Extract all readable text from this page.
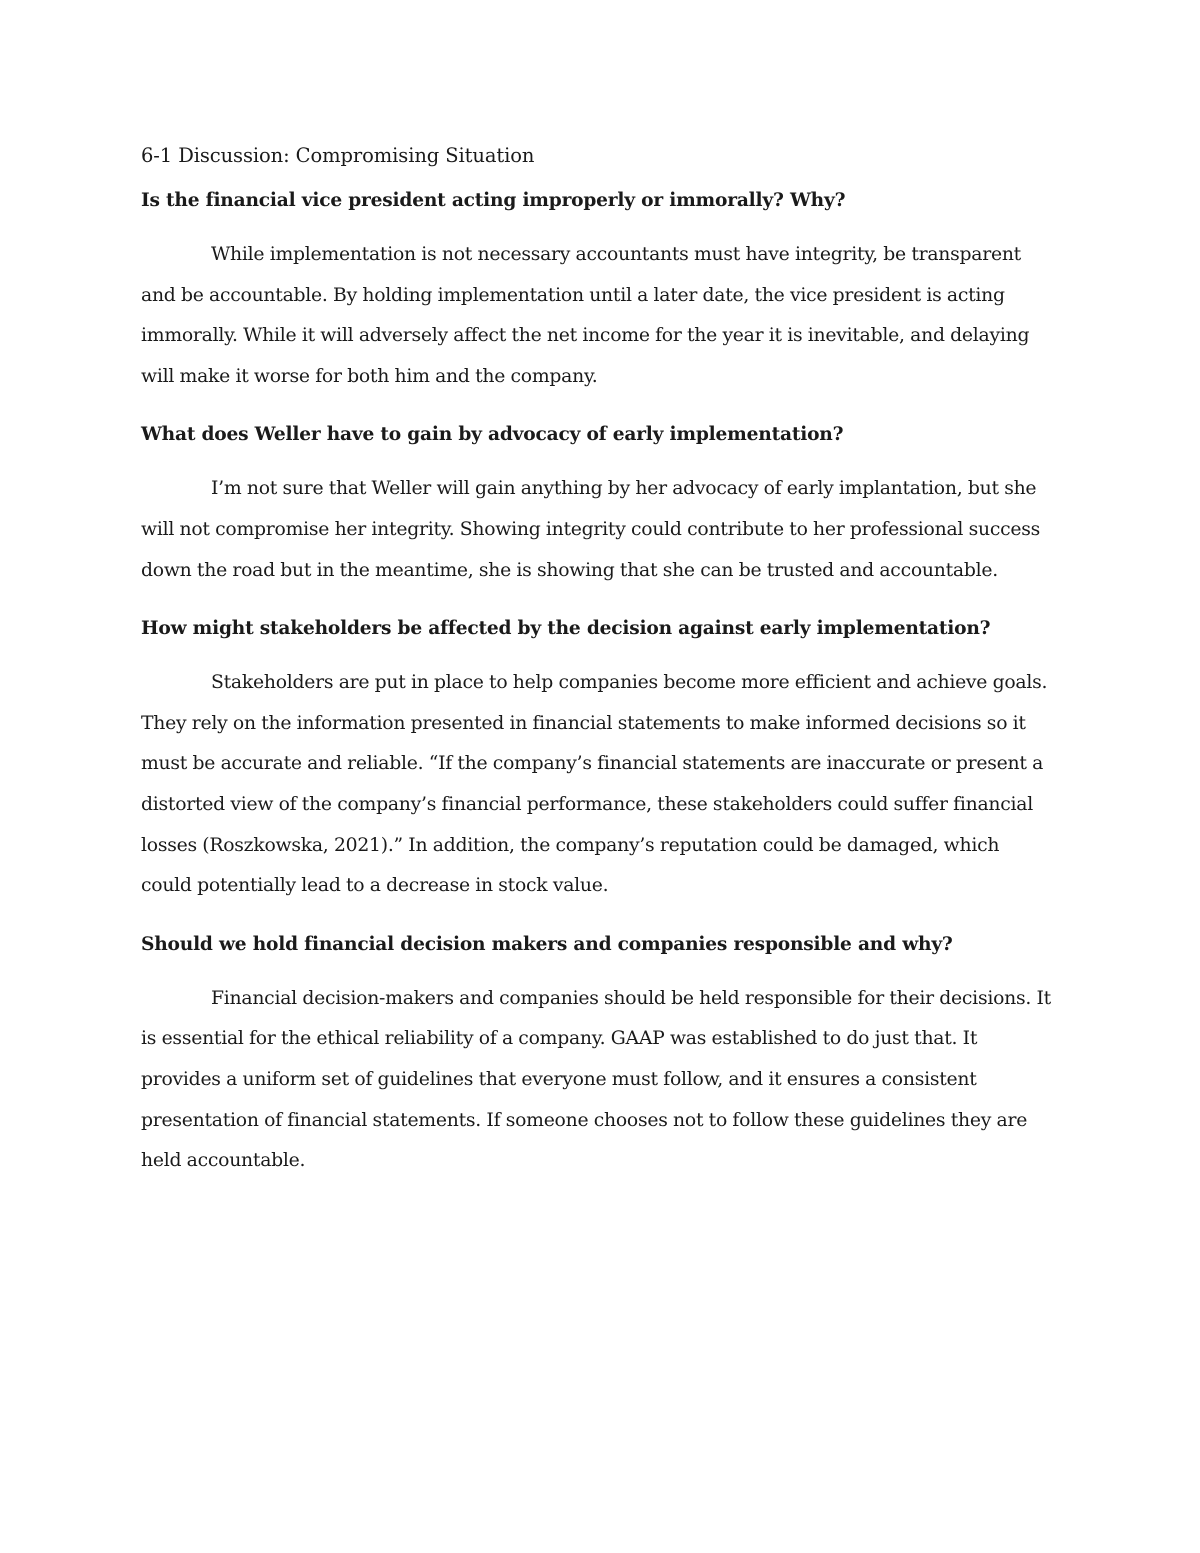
6-1 Discussion: Compromising Situation
Is the financial vice president acting improperly or immorally? Why?

While implementation is not necessary accountants must have integrity, be transparent and be accountable. By holding implementation until a later date, the vice president is acting immorally. While it will adversely affect the net income for the year it is inevitable, and delaying will make it worse for both him and the company.

What does Weller have to gain by advocacy of early implementation?

I’m not sure that Weller will gain anything by her advocacy of early implantation, but she will not compromise her integrity. Showing integrity could contribute to her professional success down the road but in the meantime, she is showing that she can be trusted and accountable.

How might stakeholders be affected by the decision against early implementation?

Stakeholders are put in place to help companies become more efficient and achieve goals. They rely on the information presented in financial statements to make informed decisions so it must be accurate and reliable. “If the company’s financial statements are inaccurate or present a distorted view of the company’s financial performance, these stakeholders could suffer financial losses (Roszkowska, 2021).” In addition, the company’s reputation could be damaged, which could potentially lead to a decrease in stock value.

Should we hold financial decision makers and companies responsible and why?

Financial decision-makers and companies should be held responsible for their decisions. It is essential for the ethical reliability of a company. GAAP was established to do just that. It provides a uniform set of guidelines that everyone must follow, and it ensures a consistent presentation of financial statements. If someone chooses not to follow these guidelines they are held accountable.
